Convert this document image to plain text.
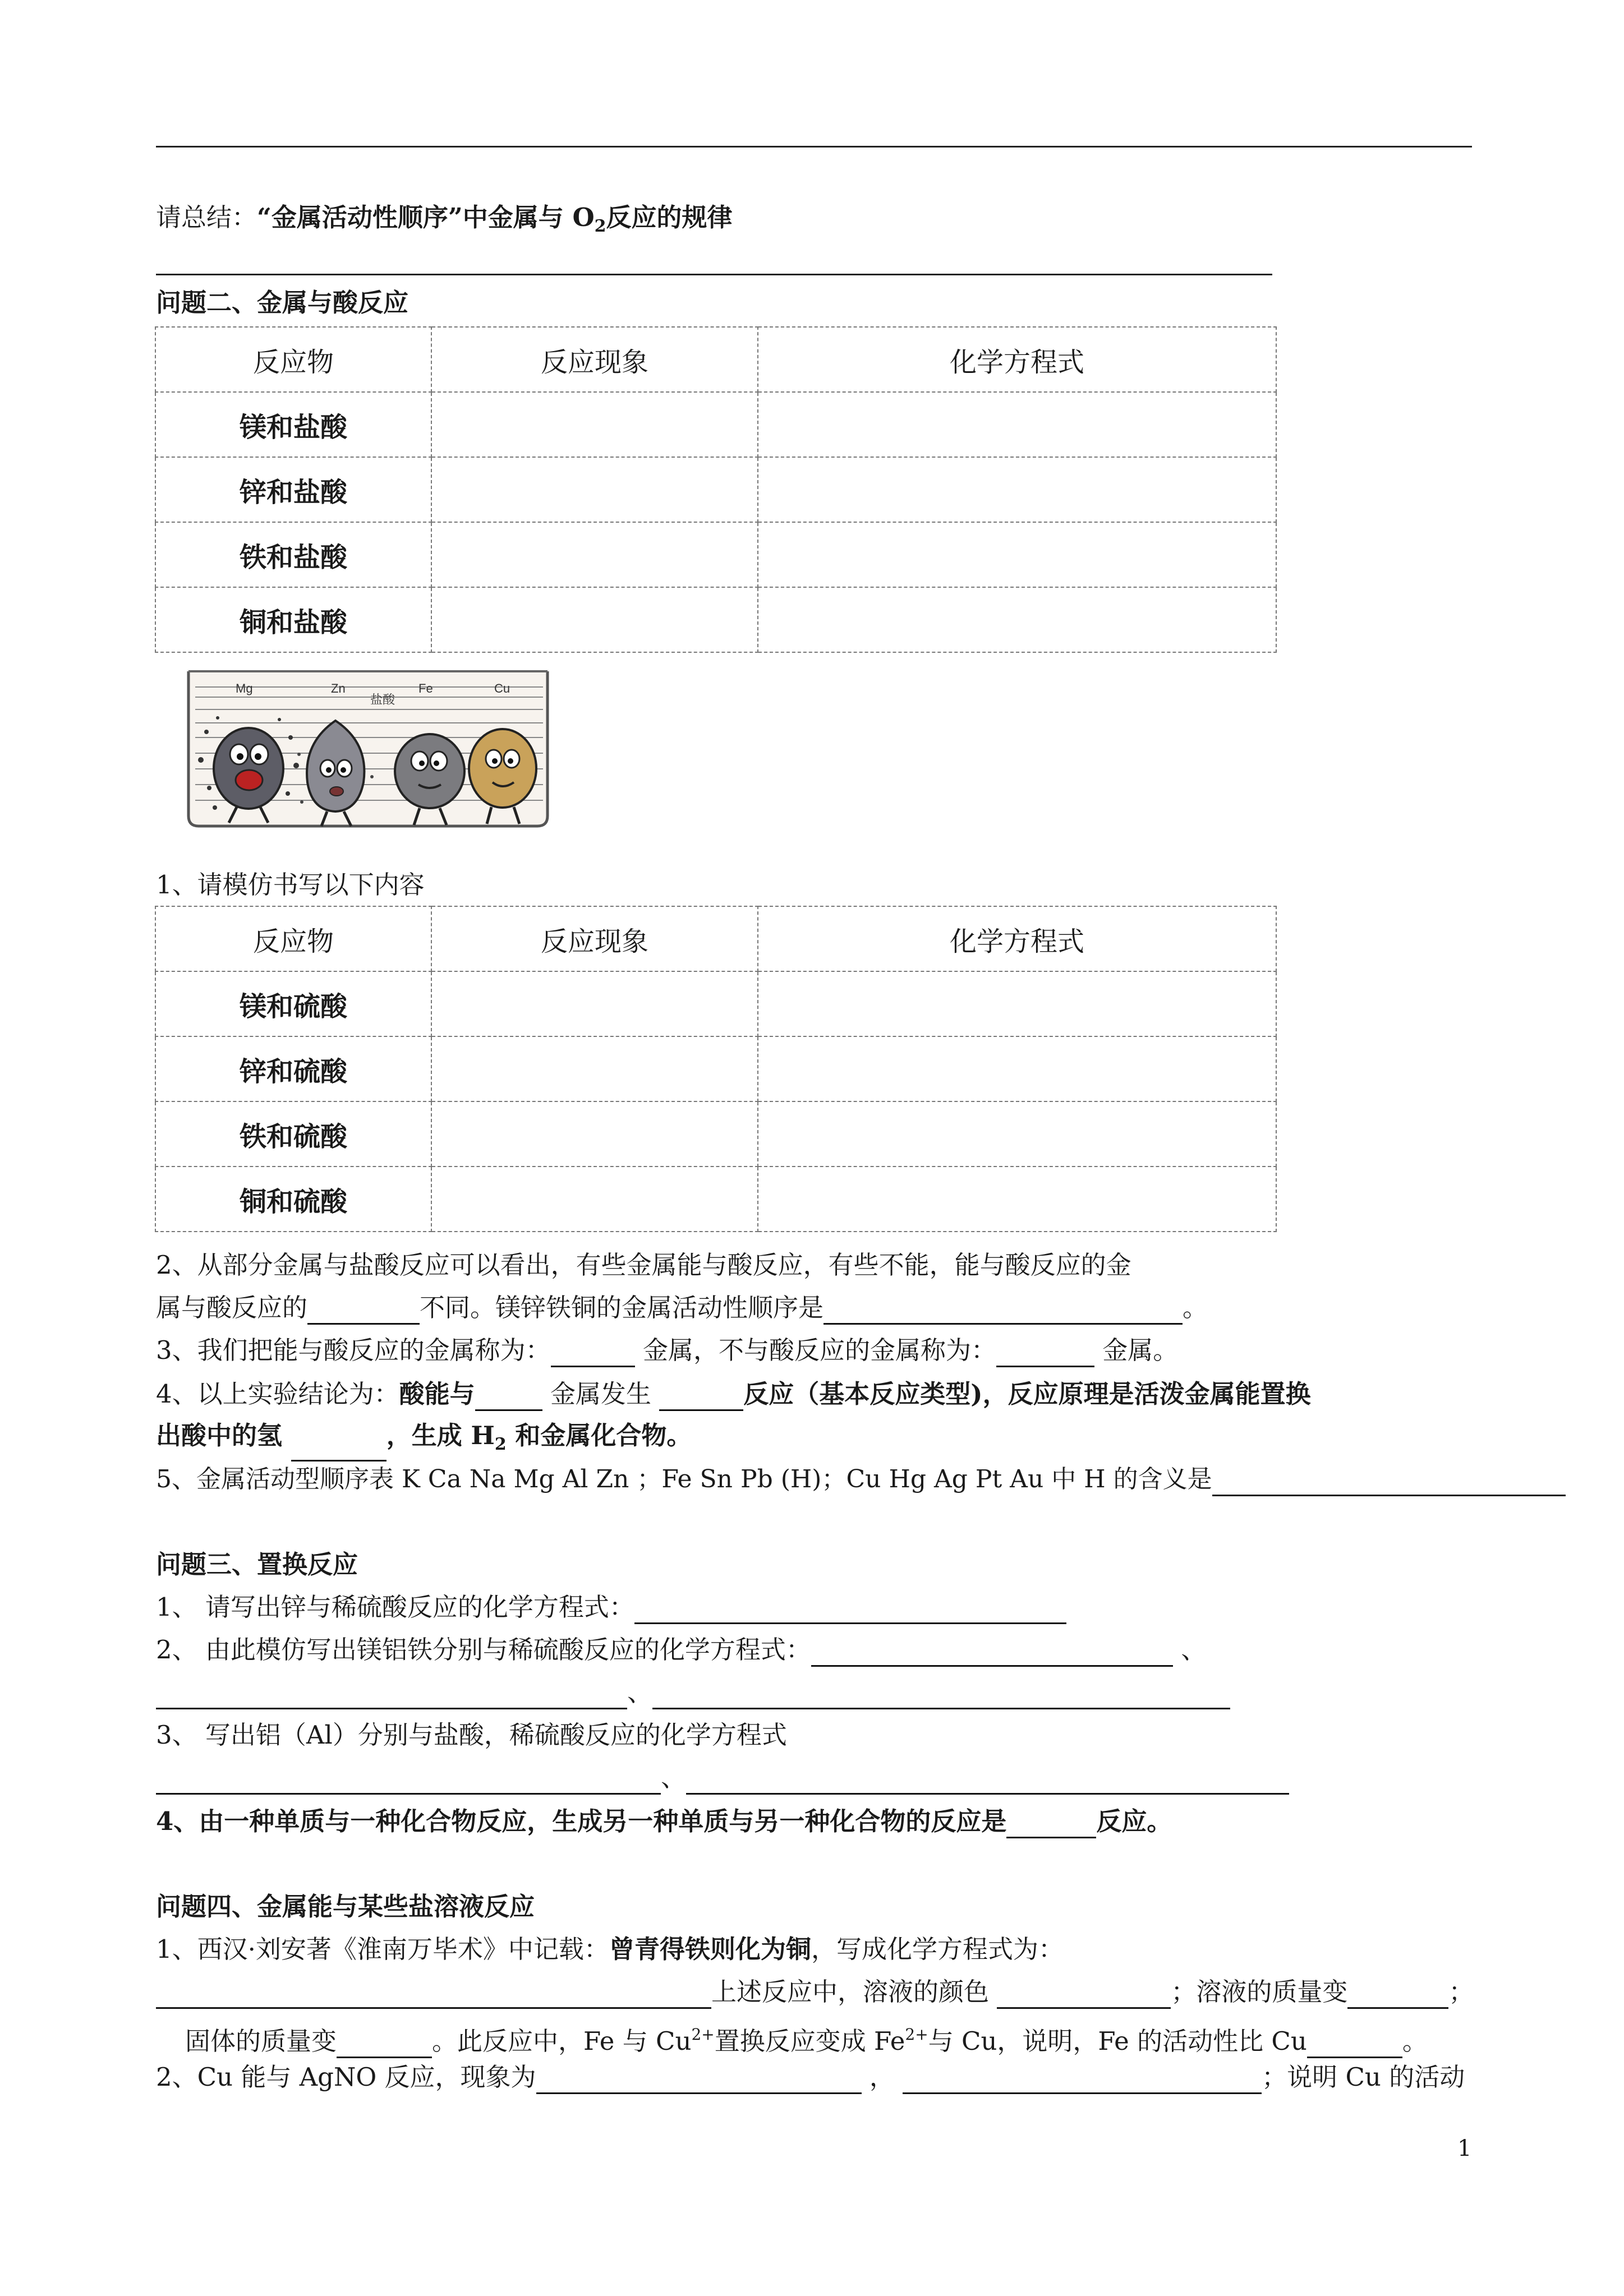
请总结：“金属活动性顺序”中金属与 $O_2$反应的规律
问题二、金属与酸反应
反应物	反应现象	化学方程式
镁和盐酸		
锌和盐酸		
铁和盐酸		
铜和盐酸		
Mg	Zn
盐酸
Fe	Cu
1、请模仿书写以下内容
反应物	反应现象	化学方程式
镁和硫酸		
锌和硫酸		
铁和硫酸		
铜和硫酸		
2、从部分金属与盐酸反应可以看出，有些金属能与酸反应，有些不能，能与酸反应的金
属与酸反应的	不同。镁锌铁铜的金属活动性顺序是	。
3、我们把能与酸反应的金属称为：	金属，不与酸反应的金属称为：	金属。
4、以上实验结论为：酸能与	金属发生	反应（基本反应类型)，反应原理是活泼金属能置换
出酸中的氢	，生成 $H_2$ 和金属化合物。
5、金属活动型顺序表 K Ca Na Mg Al Zn ；Fe Sn Pb (H)；Cu Hg Ag Pt Au 中 H 的含义是
问题三、置换反应
1、 请写出锌与稀硫酸反应的化学方程式：
2、 由此模仿写出镁铝铁分别与稀硫酸反应的化学方程式：	、
、
3、 写出铝（Al）分别与盐酸，稀硫酸反应的化学方程式
、
4、由一种单质与一种化合物反应，生成另一种单质与另一种化合物的反应是	反应。
问题四、金属能与某些盐溶液反应
1、西汉·刘安著《淮南万毕术》中记载：曾青得铁则化为铜，写成化学方程式为：
上述反应中，溶液的颜色	；溶液的质量变	；
固体的质量变	。此反应中，Fe 与 $Cu^{2+}$置换反应变成 $Fe^{2+}$与 Cu，说明，Fe 的活动性比 Cu	。
2、Cu 能与 AgNO 反应，现象为	，	；说明 Cu 的活动
1
